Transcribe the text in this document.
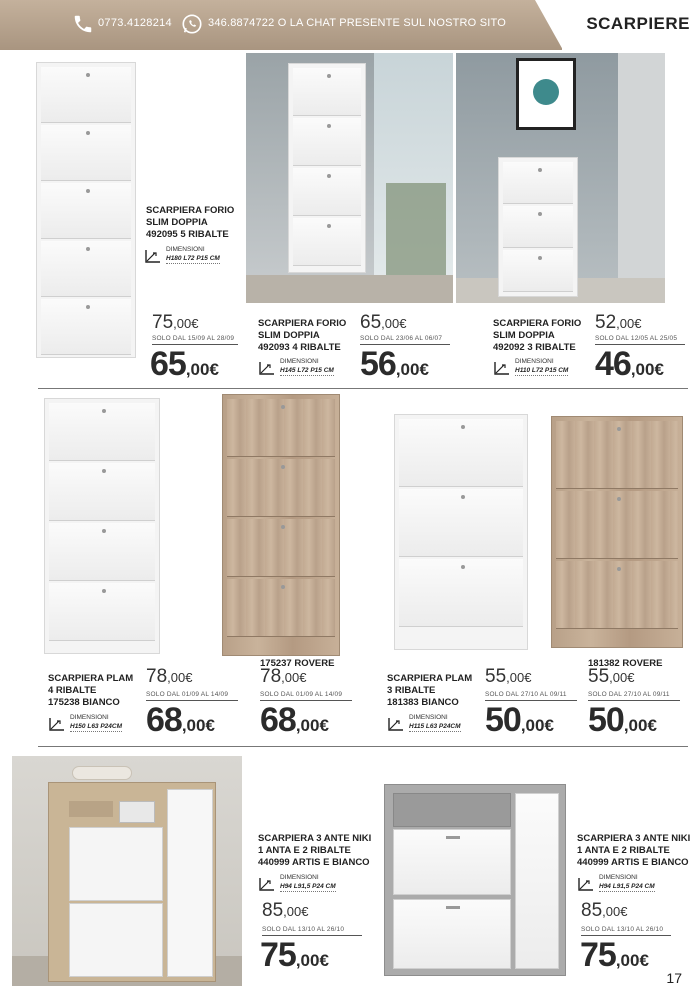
0773.4128214	346.8874722 O LA CHAT PRESENTE SUL NOSTRO SITO	SCARPIERE
SCARPIERA FORIO
SLIM DOPPIA
492095 5 RIBALTE
DIMENSIONI
H180 L72 P15 CM
75,00€
SOLO DAL 15/09 AL 28/09
65,00€
SCARPIERA FORIO
SLIM DOPPIA
492093 4 RIBALTE
DIMENSIONI
H145 L72 P15 CM
65,00€
SOLO DAL 23/06 AL 06/07
56,00€
SCARPIERA FORIO
SLIM DOPPIA
492092 3 RIBALTE
DIMENSIONI
H110 L72 P15 CM
52,00€
SOLO DAL 12/05 AL 25/05
46,00€
SCARPIERA PLAM
4 RIBALTE
175238 BIANCO
DIMENSIONI
H150 L63 P24CM
78,00€
SOLO DAL 01/09 AL 14/09
68,00€
175237 ROVERE
78,00€
SOLO DAL 01/09 AL 14/09
68,00€
SCARPIERA PLAM
3 RIBALTE
181383 BIANCO
DIMENSIONI
H115 L63 P24CM
55,00€
SOLO DAL 27/10 AL 09/11
50,00€
181382 ROVERE
55,00€
SOLO DAL 27/10 AL 09/11
50,00€
SCARPIERA 3 ANTE NIKI
1 ANTA E 2 RIBALTE
440999 ARTIS E BIANCO
DIMENSIONI
H94 L91,5 P24 CM
85,00€
SOLO DAL 13/10 AL 26/10
75,00€
SCARPIERA 3 ANTE NIKI
1 ANTA E 2 RIBALTE
440999 ARTIS E BIANCO
DIMENSIONI
H94 L91,5 P24 CM
85,00€
SOLO DAL 13/10 AL 26/10
75,00€
17
